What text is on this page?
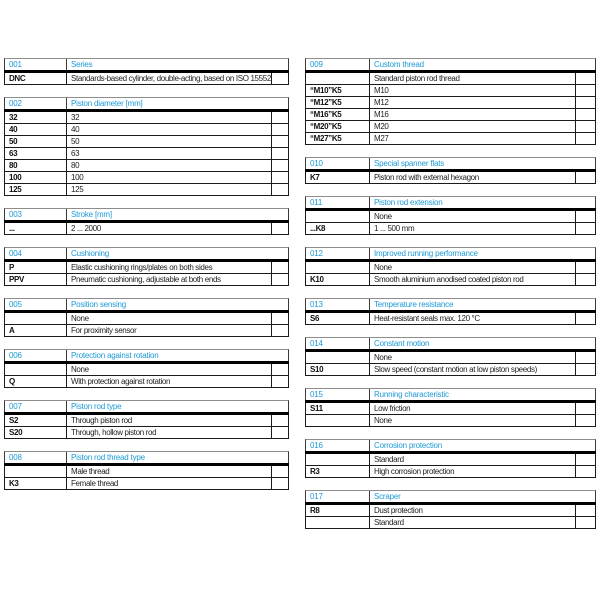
001	Series
DNC	Standards-based cylinder, double-acting, based on ISO 15552
002	Piston diameter [mm]
32	32
40	40
50	50
63	63
80	80
100	100
125	125
003	Stroke [mm]
...	2 ... 2000
004	Cushioning
P	Elastic cushioning rings/plates on both sides
PPV	Pneumatic cushioning, adjustable at both ends
005	Position sensing
None
A	For proximity sensor
006	Protection against rotation
None
Q	With protection against rotation
007	Piston rod type
S2	Through piston rod
S20	Through, hollow piston rod
008	Piston rod thread type
Male thread
K3	Female thread
009	Custom thread
Standard piston rod thread
“M10”K5	M10
“M12”K5	M12
“M16”K5	M16
“M20”K5	M20
“M27”K5	M27
010	Special spanner flats
K7	Piston rod with external hexagon
011	Piston rod extension
None
...K8	1 ... 500 mm
012	Improved running performance
None
K10	Smooth aluminium anodised coated piston rod
013	Temperature resistance
S6	Heat-resistant seals max. 120 °C
014	Constant motion
None
S10	Slow speed (constant motion at low piston speeds)
015	Running characteristic
S11	Low friction
None
016	Corrosion protection
Standard
R3	High corrosion protection
017	Scraper
R8	Dust protection
Standard
